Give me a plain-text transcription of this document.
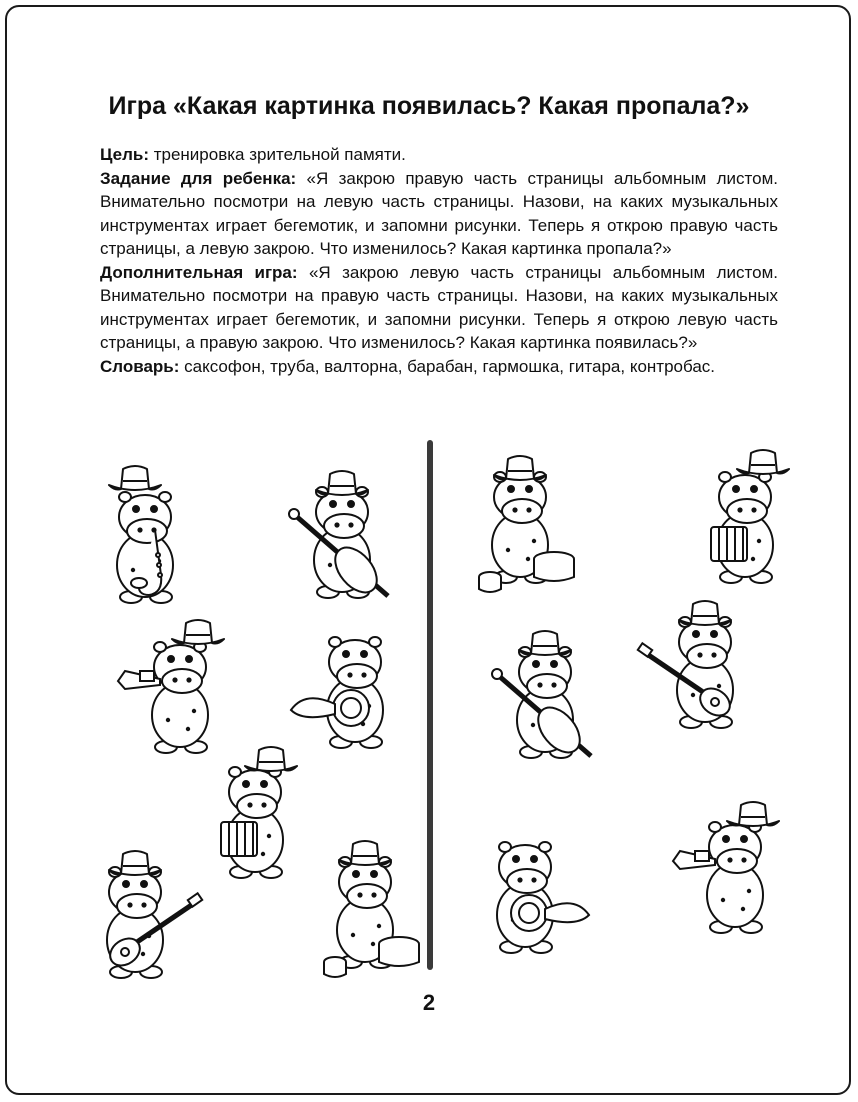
Игра «Какая картинка появилась? Какая пропала?»

Цель: тренировка зрительной памяти.

Задание для ребенка: «Я закрою правую часть страницы альбомным листом. Внимательно посмотри на левую часть страницы. Назови, на каких музыкальных инструментах играет бегемотик, и запомни рисунки. Теперь я открою правую часть страницы, а левую закрою. Что изменилось? Какая картинка пропала?»

Дополнительная игра: «Я закрою левую часть страницы альбомным листом. Внимательно посмотри на правую часть страницы. Назови, на каких музыкальных инструментах играет бегемотик, и запомни рисунки. Теперь я открою левую часть страницы, а правую закрою. Что изменилось? Какая картинка появилась?»

Словарь: саксофон, труба, валторна, барабан, гармошка, гитара, контробас.

2
